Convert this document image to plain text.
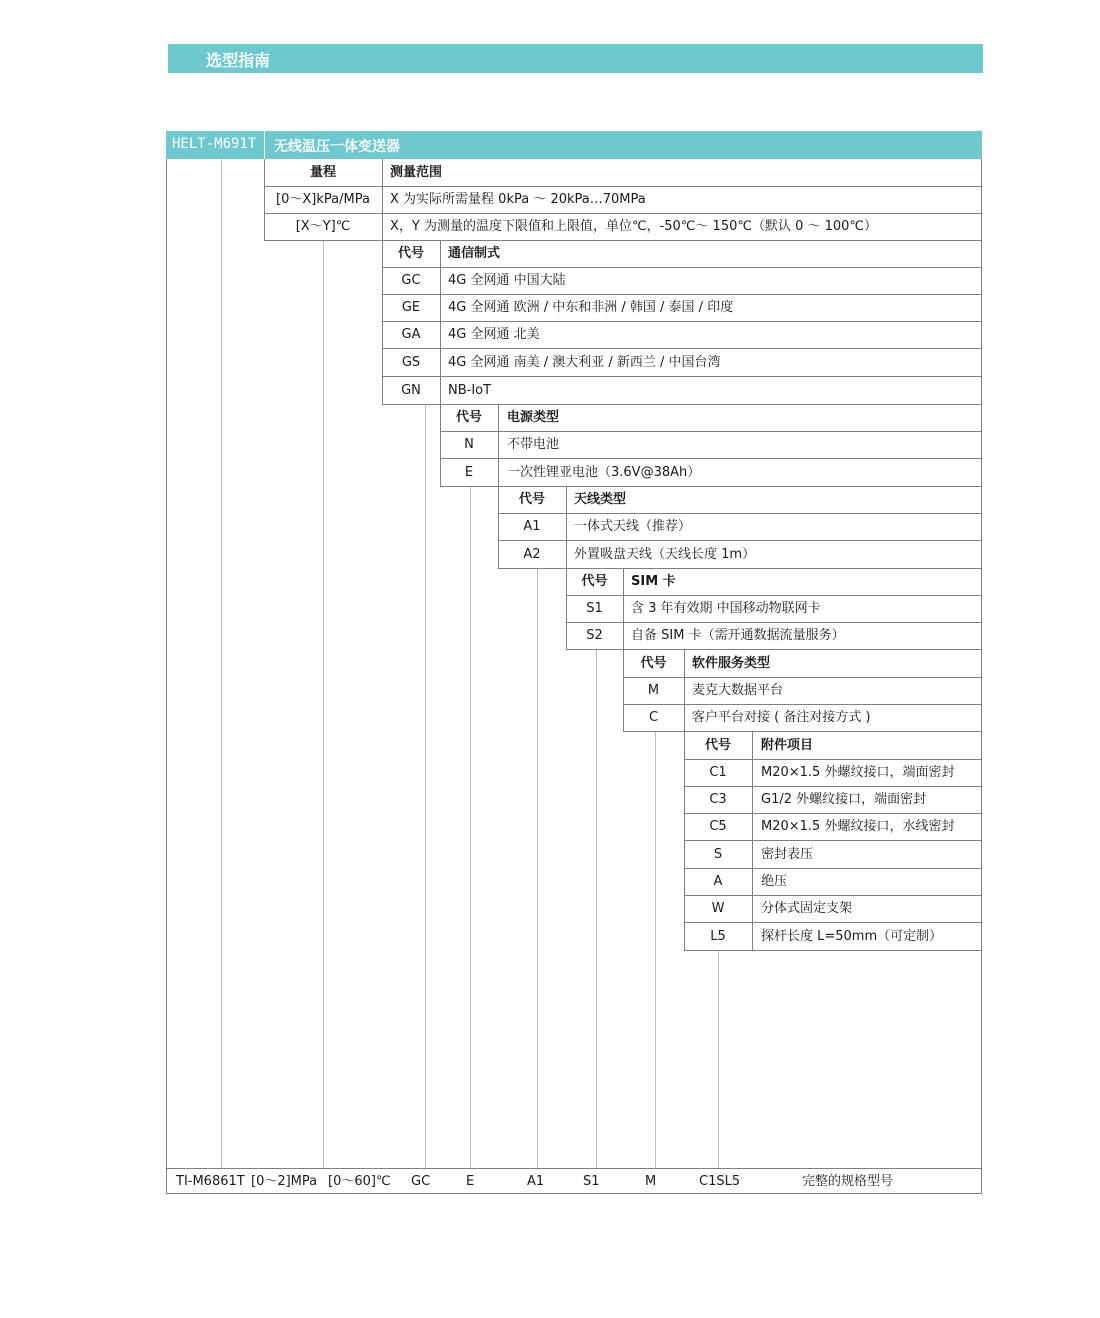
选型指南
HELT-M691T 无线温压一体变送器
量程	测量范围
[0～X]kPa/MPa	X 为实际所需量程 0kPa ～ 20kPa…70MPa
[X～Y]℃	X，Y 为测量的温度下限值和上限值，单位℃，-50℃～ 150℃（默认 0 ～ 100℃）
代号	通信制式
GC	4G 全网通 中国大陆
GE	4G 全网通 欧洲 / 中东和非洲 / 韩国 / 泰国 / 印度
GA	4G 全网通 北美
GS	4G 全网通 南美 / 澳大利亚 / 新西兰 / 中国台湾
GN	NB-IoT
代号	电源类型
N	不带电池
E	一次性锂亚电池（3.6V@38Ah）
代号	天线类型
A1	一体式天线（推荐）
A2	外置吸盘天线（天线长度 1m）
代号	SIM 卡
S1	含 3 年有效期 中国移动物联网卡
S2	自备 SIM 卡（需开通数据流量服务）
代号	软件服务类型
M	麦克大数据平台
C	客户平台对接 ( 备注对接方式 )
代号	附件项目
C1	M20×1.5 外螺纹接口，端面密封
C3	G1/2 外螺纹接口，端面密封
C5	M20×1.5 外螺纹接口，水线密封
S	密封表压
A	绝压
W	分体式固定支架
L5	探杆长度 L=50mm（可定制）
TI-M6861T [0～2]MPa [0～60]℃ GC	E	A1	S1	M	C1SL5	完整的规格型号
